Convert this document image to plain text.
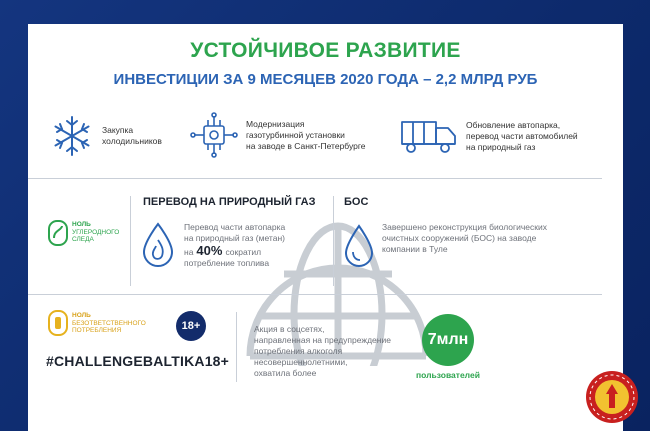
УСТОЙЧИВОЕ РАЗВИТИЕ
ИНВЕСТИЦИИ ЗА 9 МЕСЯЦЕВ 2020 ГОДА – 2,2 МЛРД РУБ
Закупка
холодильников
Модернизация
газотурбинной установки
на заводе в Санкт-Петербурге
Обновление автопарка,
перевод части автомобилей
на природный газ
НОЛЬ
УГЛЕРОДНОГО
СЛЕДА
ПЕРЕВОД НА ПРИРОДНЫЙ ГАЗ
Перевод части автопарка
на природный газ (метан)
на 40% сократил
потребление топлива
БОС
Завершено реконструкция биологических
очистных сооружений (БОС) на заводе
компании в Туле
НОЛЬ
БЕЗОТВЕТСТВЕННОГО
ПОТРЕБЛЕНИЯ	18+
#CHALLENGEBALTIKA18+
Акция в соцсетях,
направленная на предупреждение
потребления алкоголя
несовершеннолетними,
охватила более
7млн
пользователей
